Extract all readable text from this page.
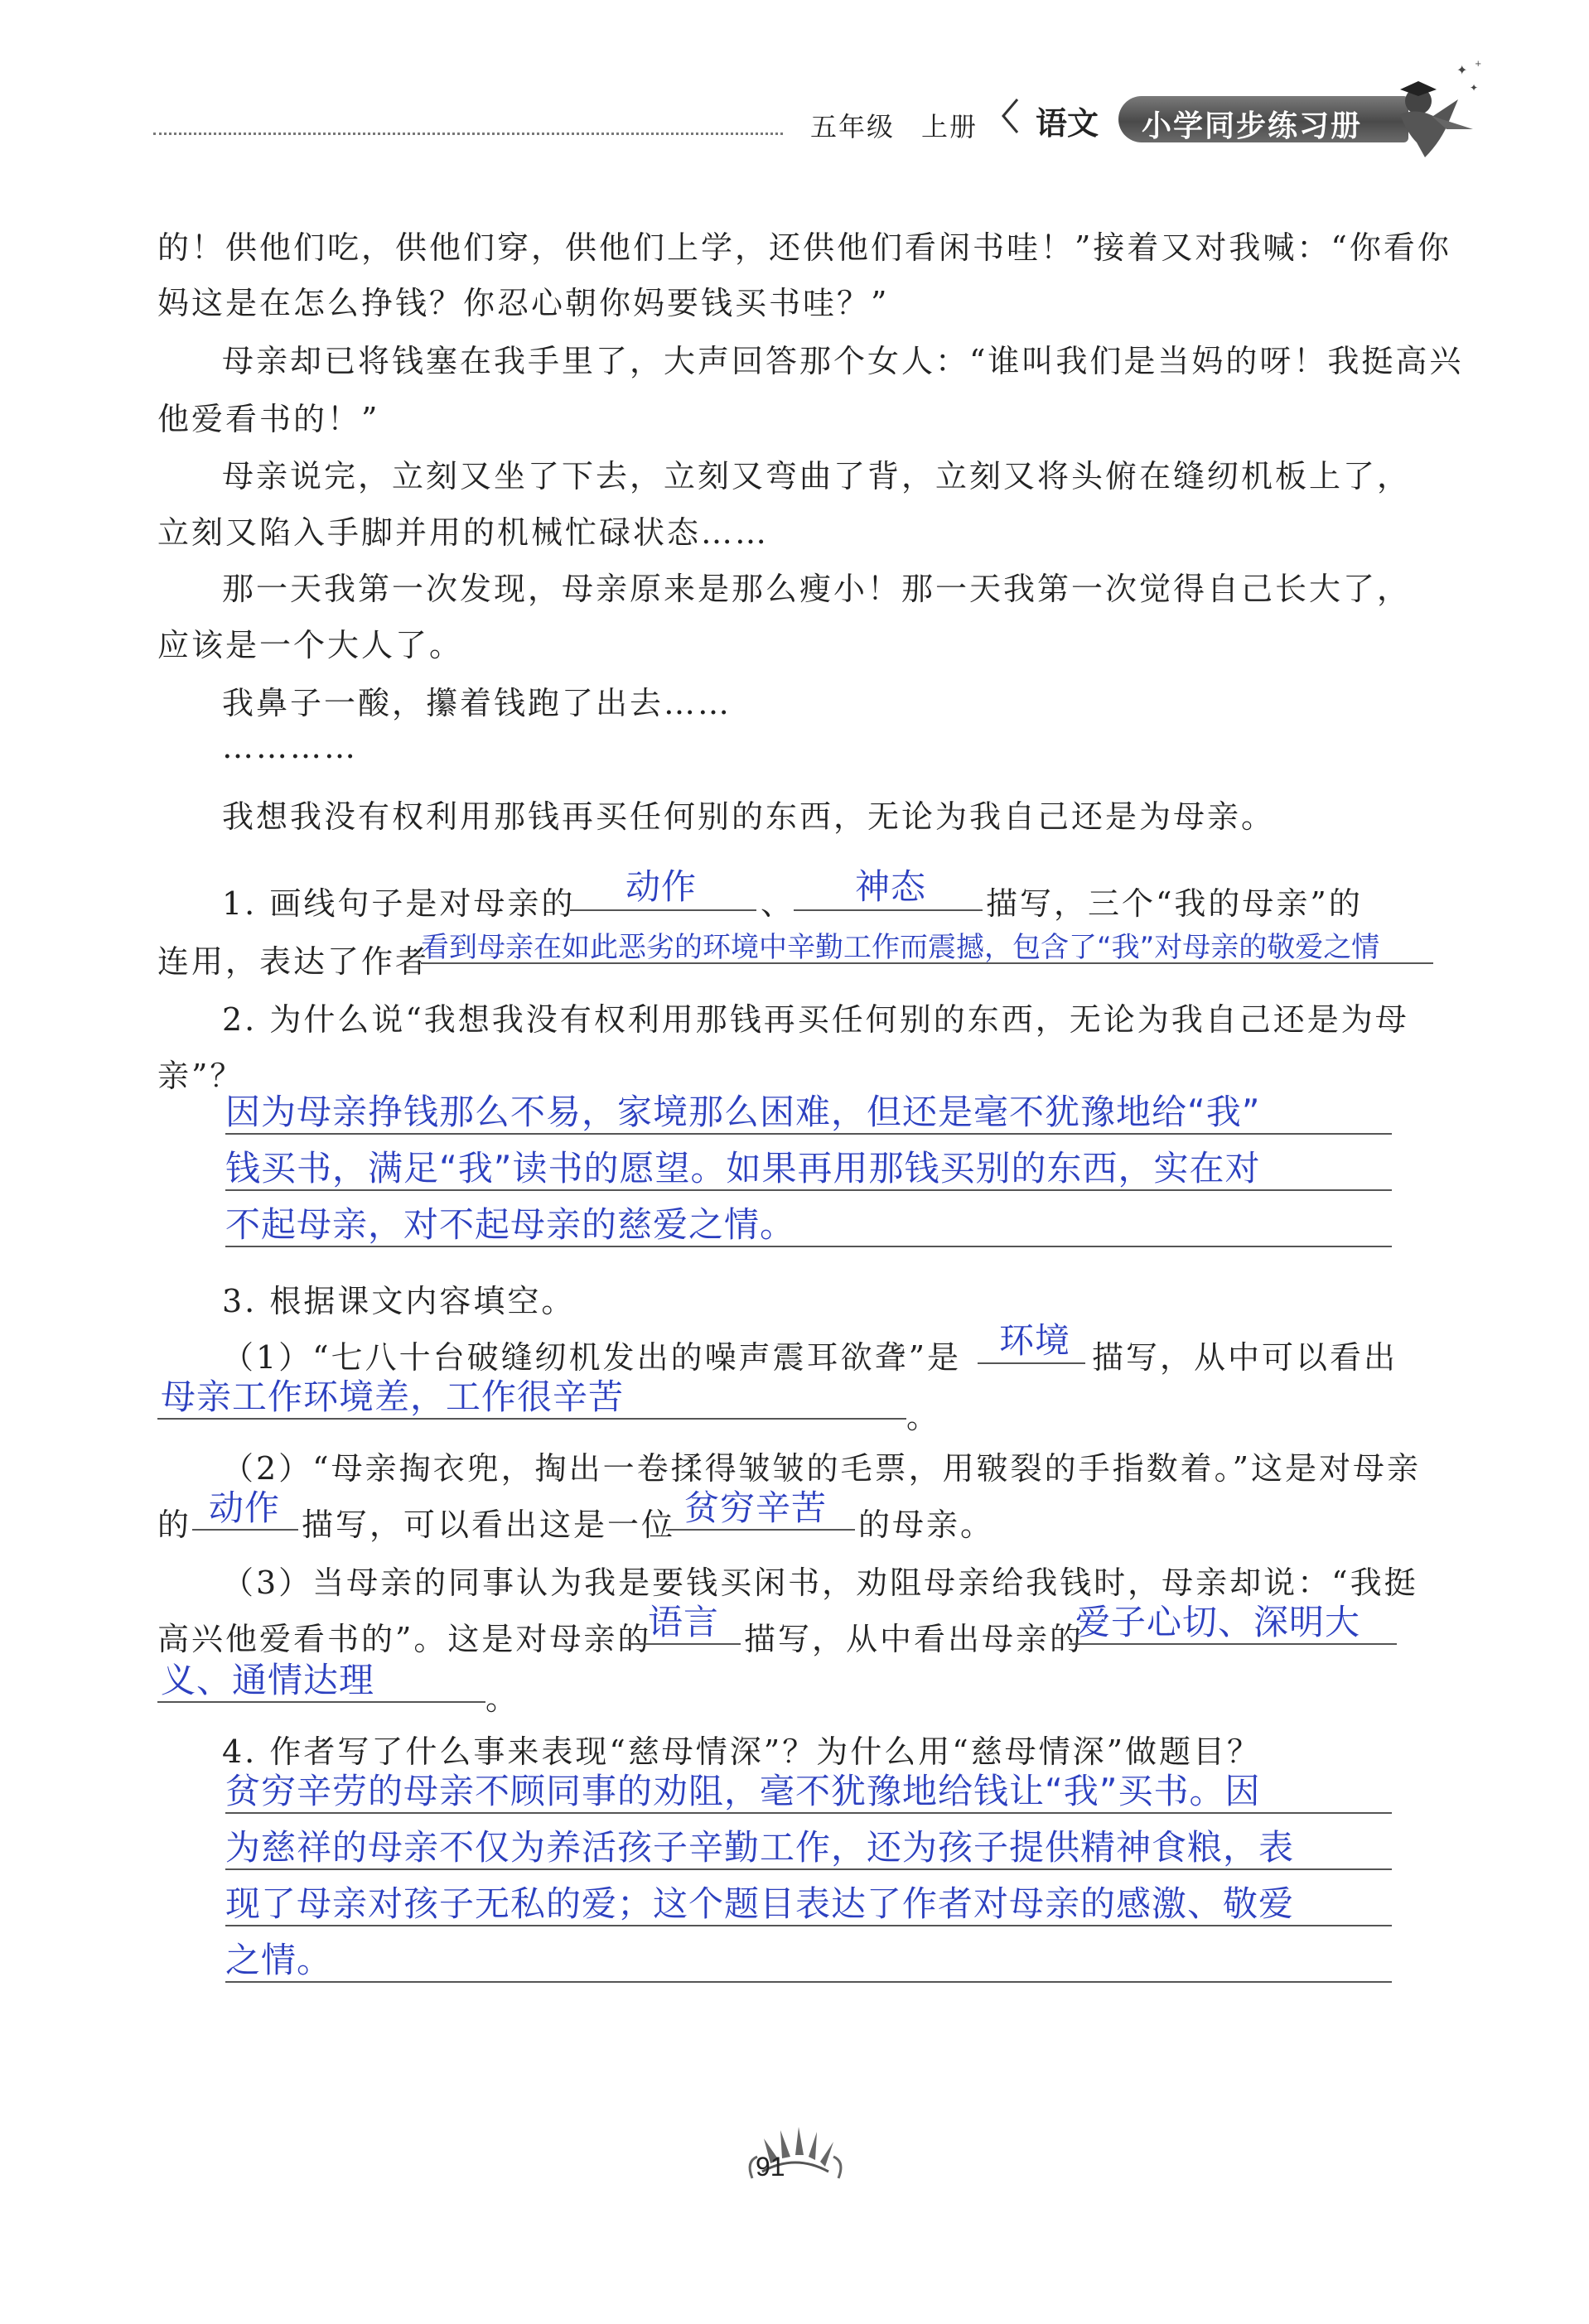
五年级 上册 语文 小学同步练习册
✦
✦
+
的！供他们吃，供他们穿，供他们上学，还供他们看闲书哇！”接着又对我喊：“你看你
妈这是在怎么挣钱？你忍心朝你妈要钱买书哇？”
母亲却已将钱塞在我手里了，大声回答那个女人：“谁叫我们是当妈的呀！我挺高兴
他爱看书的！”
母亲说完，立刻又坐了下去，立刻又弯曲了背，立刻又将头俯在缝纫机板上了，
立刻又陷入手脚并用的机械忙碌状态……
那一天我第一次发现，母亲原来是那么瘦小！那一天我第一次觉得自己长大了，
应该是一个大人了。
我鼻子一酸，攥着钱跑了出去……
…………
我想我没有权利用那钱再买任何别的东西，无论为我自己还是为母亲。
1. 画线句子是对母亲的 动作 、 神态 描写，三个“我的母亲”的
连用，表达了作者
看到母亲在如此恶劣的环境中辛勤工作而震撼，包含了“我”对母亲的敬爱之情
2. 为什么说“我想我没有权利用那钱再买任何别的东西，无论为我自己还是为母
亲”？
因为母亲挣钱那么不易，家境那么困难，但还是毫不犹豫地给“我”
钱买书，满足“我”读书的愿望。如果再用那钱买别的东西，实在对
不起母亲，对不起母亲的慈爱之情。
3. 根据课文内容填空。
（1）“七八十台破缝纫机发出的噪声震耳欲聋”是 环境 描写，从中可以看出
母亲工作环境差，工作很辛苦	。
（2）“母亲掏衣兜，掏出一卷揉得皱皱的毛票，用皲裂的手指数着。”这是对母亲
的 动作 描写，可以看出这是一位 贫穷辛苦 的母亲。
（3）当母亲的同事认为我是要钱买闲书，劝阻母亲给我钱时，母亲却说：“我挺
高兴他爱看书的”。这是对母亲的
语言 描写，从中看出母亲的
爱子心切、深明大
义、通情达理	。
4. 作者写了什么事来表现“慈母情深”？为什么用“慈母情深”做题目？
贫穷辛劳的母亲不顾同事的劝阻，毫不犹豫地给钱让“我”买书。因
为慈祥的母亲不仅为养活孩子辛勤工作，还为孩子提供精神食粮，表
现了母亲对孩子无私的爱；这个题目表达了作者对母亲的感激、敬爱
之情。
91
